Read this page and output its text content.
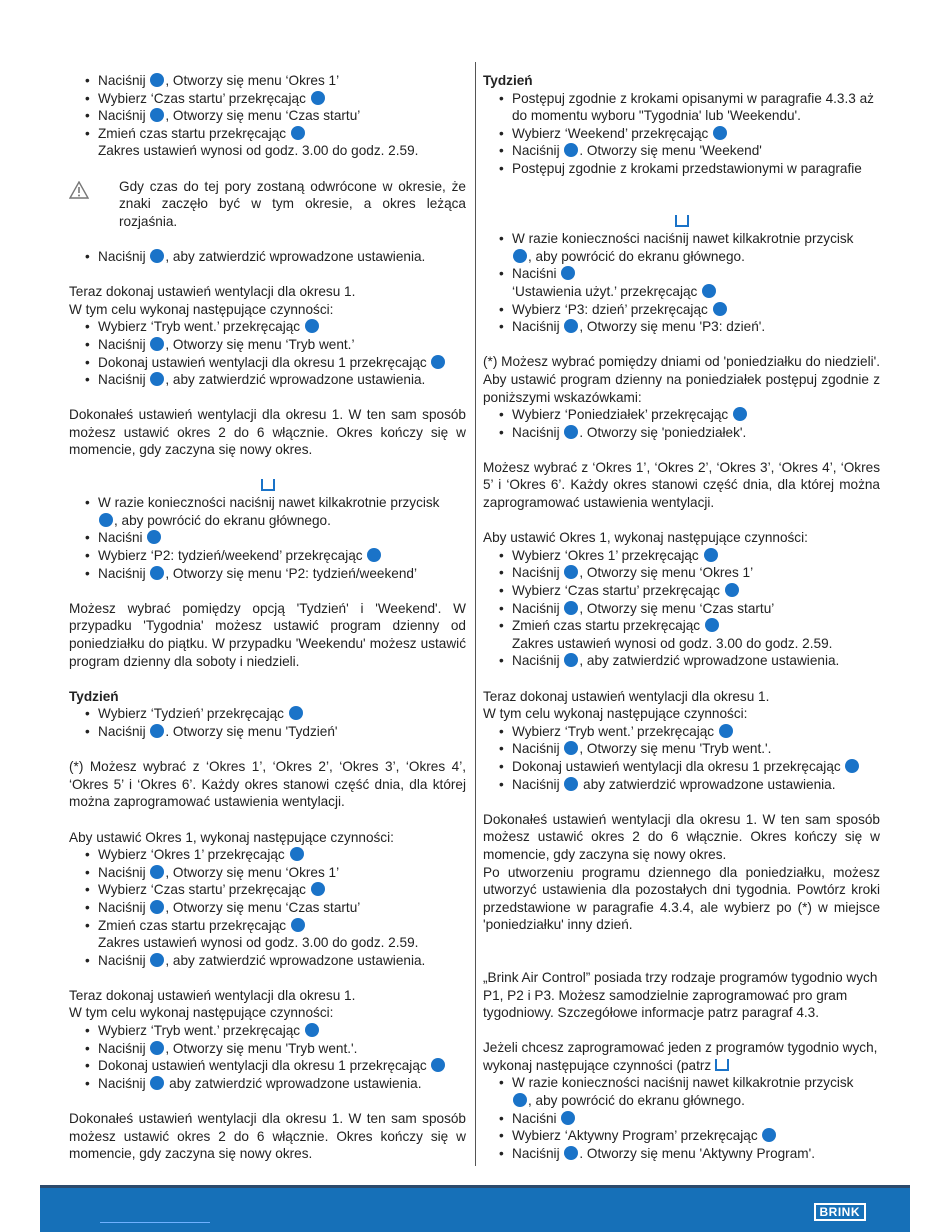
• Naciśnij , Otworzy się menu ‘Okres 1’
• Wybierz ‘Czas startu’ przekręcając
• Naciśnij , Otworzy się menu ‘Czas startu’
• Zmień czas startu przekręcając
Zakres ustawień wynosi od godz. 3.00 do godz. 2.59.
Gdy czas do tej pory zostaną odwrócone w okresie, że znaki zaczęło być w tym okresie, a okres leżąca rozjaśnia.
• Naciśnij , aby zatwierdzić wprowadzone ustawienia.

Teraz dokonaj ustawień wentylacji dla okresu 1.

W tym celu wykonaj następujące czynności:

• Wybierz ‘Tryb went.’ przekręcając
• Naciśnij , Otworzy się menu ‘Tryb went.’
• Dokonaj ustawień wentylacji dla okresu 1 przekręcając
• Naciśnij , aby zatwierdzić wprowadzone ustawienia.

Dokonałeś ustawień wentylacji dla okresu 1. W ten sam sposób możesz ustawić okres 2 do 6 włącznie. Okres kończy się w momencie, gdy zaczyna się nowy okres.

• W razie konieczności naciśnij nawet kilkakrotnie przycisk
, aby powrócić do ekranu głównego.
• Naciśni
• Wybierz ‘P2: tydzień/weekend’ przekręcając
• Naciśnij , Otworzy się menu ‘P2: tydzień/weekend’

Możesz wybrać pomiędzy opcją 'Tydzień' i 'Weekend'. W przypadku 'Tygodnia' możesz ustawić program dzienny od poniedziałku do piątku. W przypadku 'Weekendu' możesz ustawić program dzienny dla soboty i niedzieli.

Tydzień

• Wybierz ‘Tydzień’ przekręcając
• Naciśnij . Otworzy się menu 'Tydzień'

(*) Możesz wybrać z ‘Okres 1’, ‘Okres 2’, ‘Okres 3’, ‘Okres 4’, ‘Okres 5’ i ‘Okres 6’. Każdy okres stanowi część dnia, dla której można zaprogramować ustawienia wentylacji.

Aby ustawić Okres 1, wykonaj następujące czynności:

• Wybierz ‘Okres 1’ przekręcając
• Naciśnij , Otworzy się menu ‘Okres 1’
• Wybierz ‘Czas startu’ przekręcając
• Naciśnij , Otworzy się menu ‘Czas startu’
• Zmień czas startu przekręcając
Zakres ustawień wynosi od godz. 3.00 do godz. 2.59.
• Naciśnij , aby zatwierdzić wprowadzone ustawienia.

Teraz dokonaj ustawień wentylacji dla okresu 1.

W tym celu wykonaj następujące czynności:

• Wybierz ‘Tryb went.’ przekręcając
• Naciśnij , Otworzy się menu 'Tryb went.'.
• Dokonaj ustawień wentylacji dla okresu 1 przekręcając
• Naciśnij  aby zatwierdzić wprowadzone ustawienia.

Dokonałeś ustawień wentylacji dla okresu 1. W ten sam sposób możesz ustawić okres 2 do 6 włącznie. Okres kończy się w momencie, gdy zaczyna się nowy okres.

Tydzień

• Postępuj zgodnie z krokami opisanymi w paragrafie 4.3.3 aż do momentu wyboru "Tygodnia' lub 'Weekendu'.
• Wybierz ‘Weekend’ przekręcając
• Naciśnij . Otworzy się menu 'Weekend'
• Postępuj zgodnie z krokami przedstawionymi w paragrafie
• W razie konieczności naciśnij nawet kilkakrotnie przycisk
, aby powrócić do ekranu głównego.
• Naciśni
‘Ustawienia użyt.’ przekręcając
• Wybierz ‘P3: dzień’ przekręcając
• Naciśnij , Otworzy się menu 'P3: dzień'.

(*) Możesz wybrać pomiędzy dniami od 'poniedziałku do niedzieli'. Aby ustawić program dzienny na poniedziałek postępuj zgodnie z poniższymi wskazówkami:

• Wybierz ‘Poniedziałek’ przekręcając
• Naciśnij . Otworzy się 'poniedziałek'.

Możesz wybrać z ‘Okres 1’, ‘Okres 2’, ‘Okres 3’, ‘Okres 4’, ‘Okres 5’ i ‘Okres 6’. Każdy okres stanowi część dnia, dla której można zaprogramować ustawienia wentylacji.

Aby ustawić Okres 1, wykonaj następujące czynności:

• Wybierz ‘Okres 1’ przekręcając
• Naciśnij , Otworzy się menu ‘Okres 1’
• Wybierz ‘Czas startu’ przekręcając
• Naciśnij , Otworzy się menu ‘Czas startu’
• Zmień czas startu przekręcając
Zakres ustawień wynosi od godz. 3.00 do godz. 2.59.
• Naciśnij , aby zatwierdzić wprowadzone ustawienia.

Teraz dokonaj ustawień wentylacji dla okresu 1.

W tym celu wykonaj następujące czynności:

• Wybierz ‘Tryb went.’ przekręcając
• Naciśnij , Otworzy się menu 'Tryb went.'.
• Dokonaj ustawień wentylacji dla okresu 1 przekręcając
• Naciśnij  aby zatwierdzić wprowadzone ustawienia.

Dokonałeś ustawień wentylacji dla okresu 1. W ten sam sposób możesz ustawić okres 2 do 6 włącznie. Okres kończy się w momencie, gdy zaczyna się nowy okres.

Po utworzeniu programu dziennego dla poniedziałku, możesz utworzyć ustawienia dla pozostałych dni tygodnia. Powtórz kroki przedstawione w paragrafie 4.3.4, ale wybierz po (*) w miejsce 'poniedziałku' inny dzień.

„Brink Air Control” posiada trzy rodzaje programów tygodnio wych P1, P2 i P3. Możesz samodzielnie zaprogramować pro gram tygodniowy. Szczegółowe informacje patrz paragraf 4.3.

Jeżeli chcesz zaprogramować jeden z programów tygodnio wych, wykonaj następujące czynności (patrz

• W razie konieczności naciśnij nawet kilkakrotnie przycisk
, aby powrócić do ekranu głównego.
• Naciśni
• Wybierz ‘Aktywny Program’ przekręcając
• Naciśnij . Otworzy się menu 'Aktywny Program'.
BRINK
